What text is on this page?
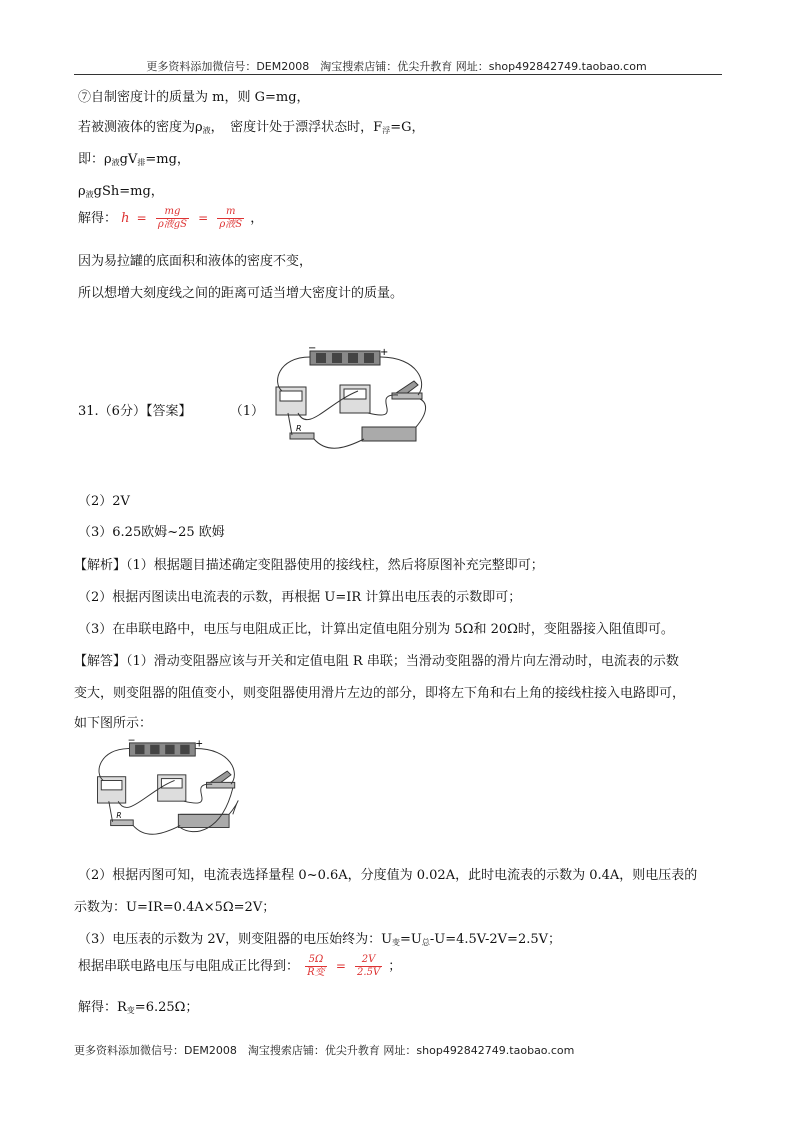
更多资料添加微信号：DEM2008　淘宝搜索店铺：优尖升教育 网址：shop492842749.taobao.com
⑦自制密度计的质量为 m，则 G=mg，
若被测液体的密度为$\rho_液$，　密度计处于漂浮状态时，$F_浮=G$，
即：$\rho_液gV_排=mg$，
$\rho_液gSh=mg$，
解得： $h = \frac{mg}{\text{ρ液gS}} = \frac{m}{\text{ρ液S}}$ ，
因为易拉罐的底面积和液体的密度不变，
所以想增大刻度线之间的距离可适当增大密度计的质量。
31.（6分）【答案】	（1）
−	+
R
（2）2V
（3）6.25欧姆~25 欧姆
【解析】（1）根据题目描述确定变阻器使用的接线柱，然后将原图补充完整即可；
（2）根据丙图读出电流表的示数，再根据 U=IR 计算出电压表的示数即可；
（3）在串联电路中，电压与电阻成正比，计算出定值电阻分别为 5Ω和 20Ω时，变阻器接入阻值即可。
【解答】（1）滑动变阻器应该与开关和定值电阻 R 串联；当滑动变阻器的滑片向左滑动时，电流表的示数
变大，则变阻器的阻值变小，则变阻器使用滑片左边的部分，即将左下角和右上角的接线柱接入电路即可，
如下图所示：
−	+
R
（2）根据丙图可知，电流表选择量程 0~0.6A，分度值为 0.02A，此时电流表的示数为 0.4A，则电压表的
示数为：U=IR=0.4A×5Ω=2V；
（3）电压表的示数为 2V，则变阻器的电压始终为：$U_变=U_总-U=4.5V-2V=2.5V$；
根据串联电路电压与电阻成正比得到： $\frac{5\Omega}{\text{R变}} = \frac{2V}{2.5V}$ ；
解得：$R_变=6.25\Omega$；
更多资料添加微信号：DEM2008　淘宝搜索店铺：优尖升教育 网址：shop492842749.taobao.com
